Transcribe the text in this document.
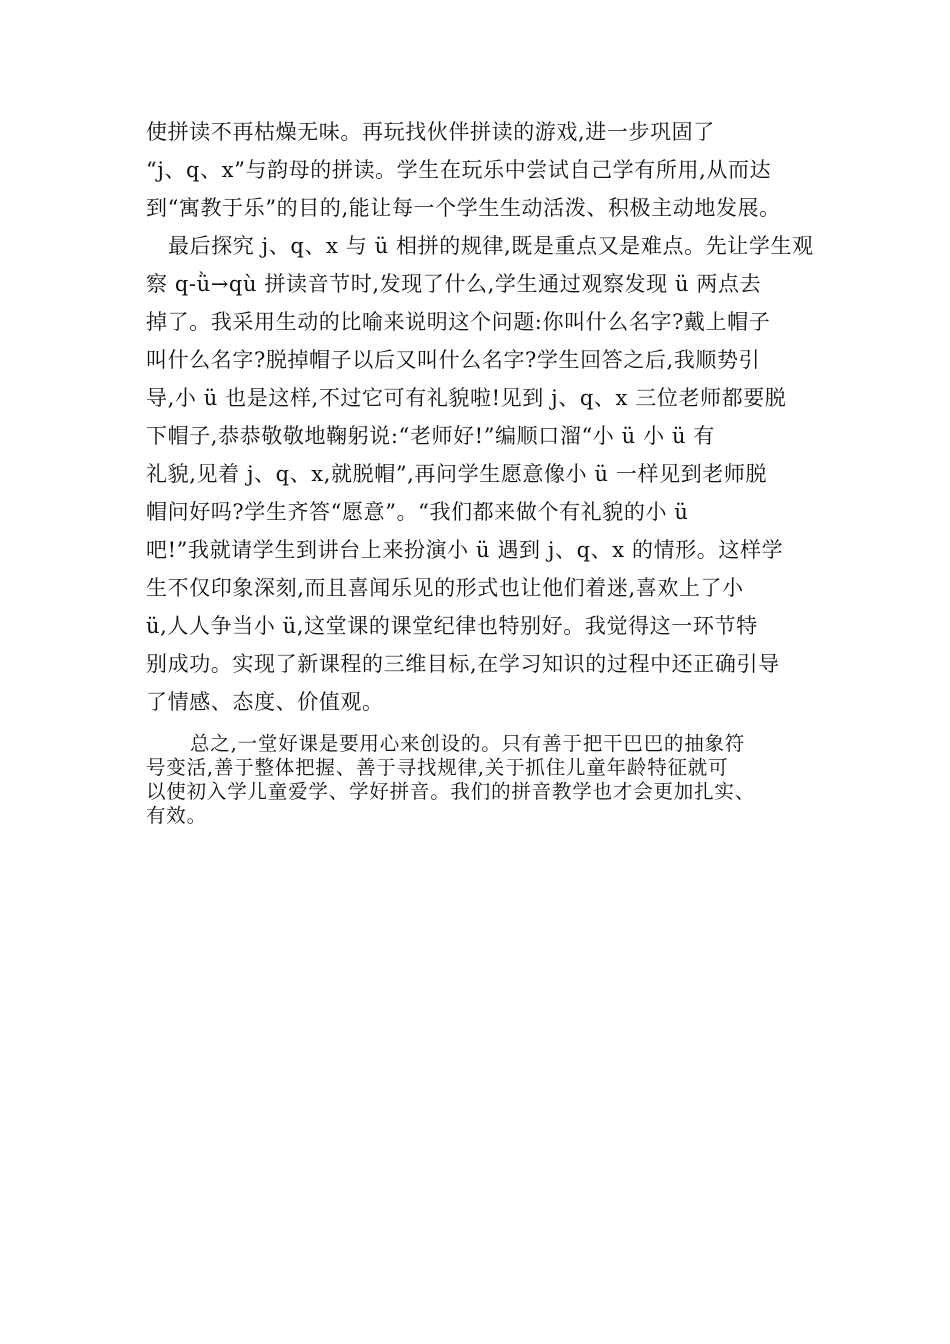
使拼读不再枯燥无味。再玩找伙伴拼读的游戏,进一步巩固了
“j、q、x”与韵母的拼读。学生在玩乐中尝试自己学有所用,从而达
到“寓教于乐”的目的,能让每一个学生生动活泼、积极主动地发展。
最后探究 j、q、x 与 ü 相拼的规律,既是重点又是难点。先让学生观
察 q-ǜ→qù 拼读音节时,发现了什么,学生通过观察发现 ü 两点去
掉了。我采用生动的比喻来说明这个问题:你叫什么名字?戴上帽子
叫什么名字?脱掉帽子以后又叫什么名字?学生回答之后,我顺势引
导,小 ü 也是这样,不过它可有礼貌啦!见到 j、q、x 三位老师都要脱
下帽子,恭恭敬敬地鞠躬说:“老师好!”编顺口溜“小 ü 小 ü 有
礼貌,见着 j、q、x,就脱帽”,再问学生愿意像小 ü 一样见到老师脱
帽问好吗?学生齐答“愿意”。“我们都来做个有礼貌的小 ü
吧!”我就请学生到讲台上来扮演小 ü 遇到 j、q、x 的情形。这样学
生不仅印象深刻,而且喜闻乐见的形式也让他们着迷,喜欢上了小
ü,人人争当小 ü,这堂课的课堂纪律也特别好。我觉得这一环节特
别成功。实现了新课程的三维目标,在学习知识的过程中还正确引导
了情感、态度、价值观。
总之,一堂好课是要用心来创设的。只有善于把干巴巴的抽象符
号变活,善于整体把握、善于寻找规律,关于抓住儿童年龄特征就可
以使初入学儿童爱学、学好拼音。我们的拼音教学也才会更加扎实、
有效。
